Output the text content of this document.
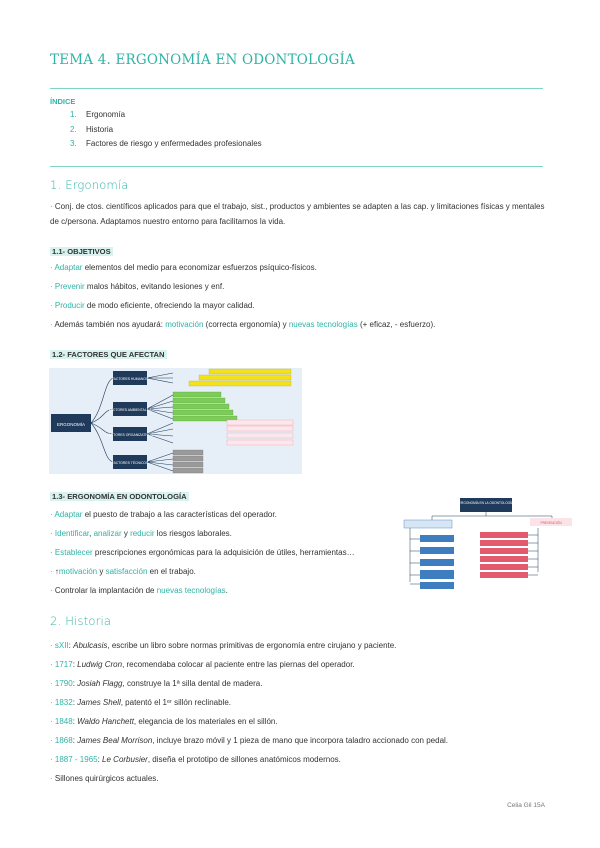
TEMA 4. ERGONOMÍA EN ODONTOLOGÍA
ÍNDICE
1. Ergonomía
2. Historia
3. Factores de riesgo y enfermedades profesionales
1. Ergonomía
· Conj. de ctos. científicos aplicados para que el trabajo, sist., productos y ambientes se adapten a las cap. y limitaciones físicas y mentales de c/persona. Adaptamos nuestro entorno para facilitarnos la vida.
1.1- OBJETIVOS
· Adaptar elementos del medio para economizar esfuerzos psíquico-físicos.
· Prevenir malos hábitos, evitando lesiones y enf.
· Producir de modo eficiente, ofreciendo la mayor calidad.
· Además también nos ayudará: motivación (correcta ergonomía) y nuevas tecnologías (+ eficaz, - esfuerzo).
1.2- FACTORES QUE AFECTAN
ERGONOMÍA
FACTORES HUMANOS
FACTORES AMBIENTALES
FACTORES ORGANIZATIVOS
FACTORES TÉCNICOS
1.3- ERGONOMÍA EN ODONTOLOGÍA
· Adaptar el puesto de trabajo a las características del operador.
· Identificar, analizar y reducir los riesgos laborales.
· Establecer prescripciones ergonómicas para la adquisición de útiles, herramientas…
· ↑motivación y satisfacción en el trabajo.
· Controlar la implantación de nuevas tecnologías.
ERGONOMÍA EN LA ODONTOLOGÍA
PREVENCIÓN
2. Historia
· sXII: Abulcasis, escribe un libro sobre normas primitivas de ergonomía entre cirujano y paciente.
· 1717: Ludwig Cron, recomendaba colocar al paciente entre las piernas del operador.
· 1790: Josiah Flagg, construye la 1ª silla dental de madera.
· 1832: James Shell, patentó el 1ᵉʳ sillón reclinable.
· 1848: Waldo Hanchett, elegancia de los materiales en el sillón.
· 1868: James Beal Morrison, incluye brazo móvil y 1 pieza de mano que incorpora taladro accionado con pedal.
· 1887 - 1965: Le Corbusier, diseña el prototipo de sillones anatómicos modernos.
· Sillones quirúrgicos actuales.
Celia Gil 15A
